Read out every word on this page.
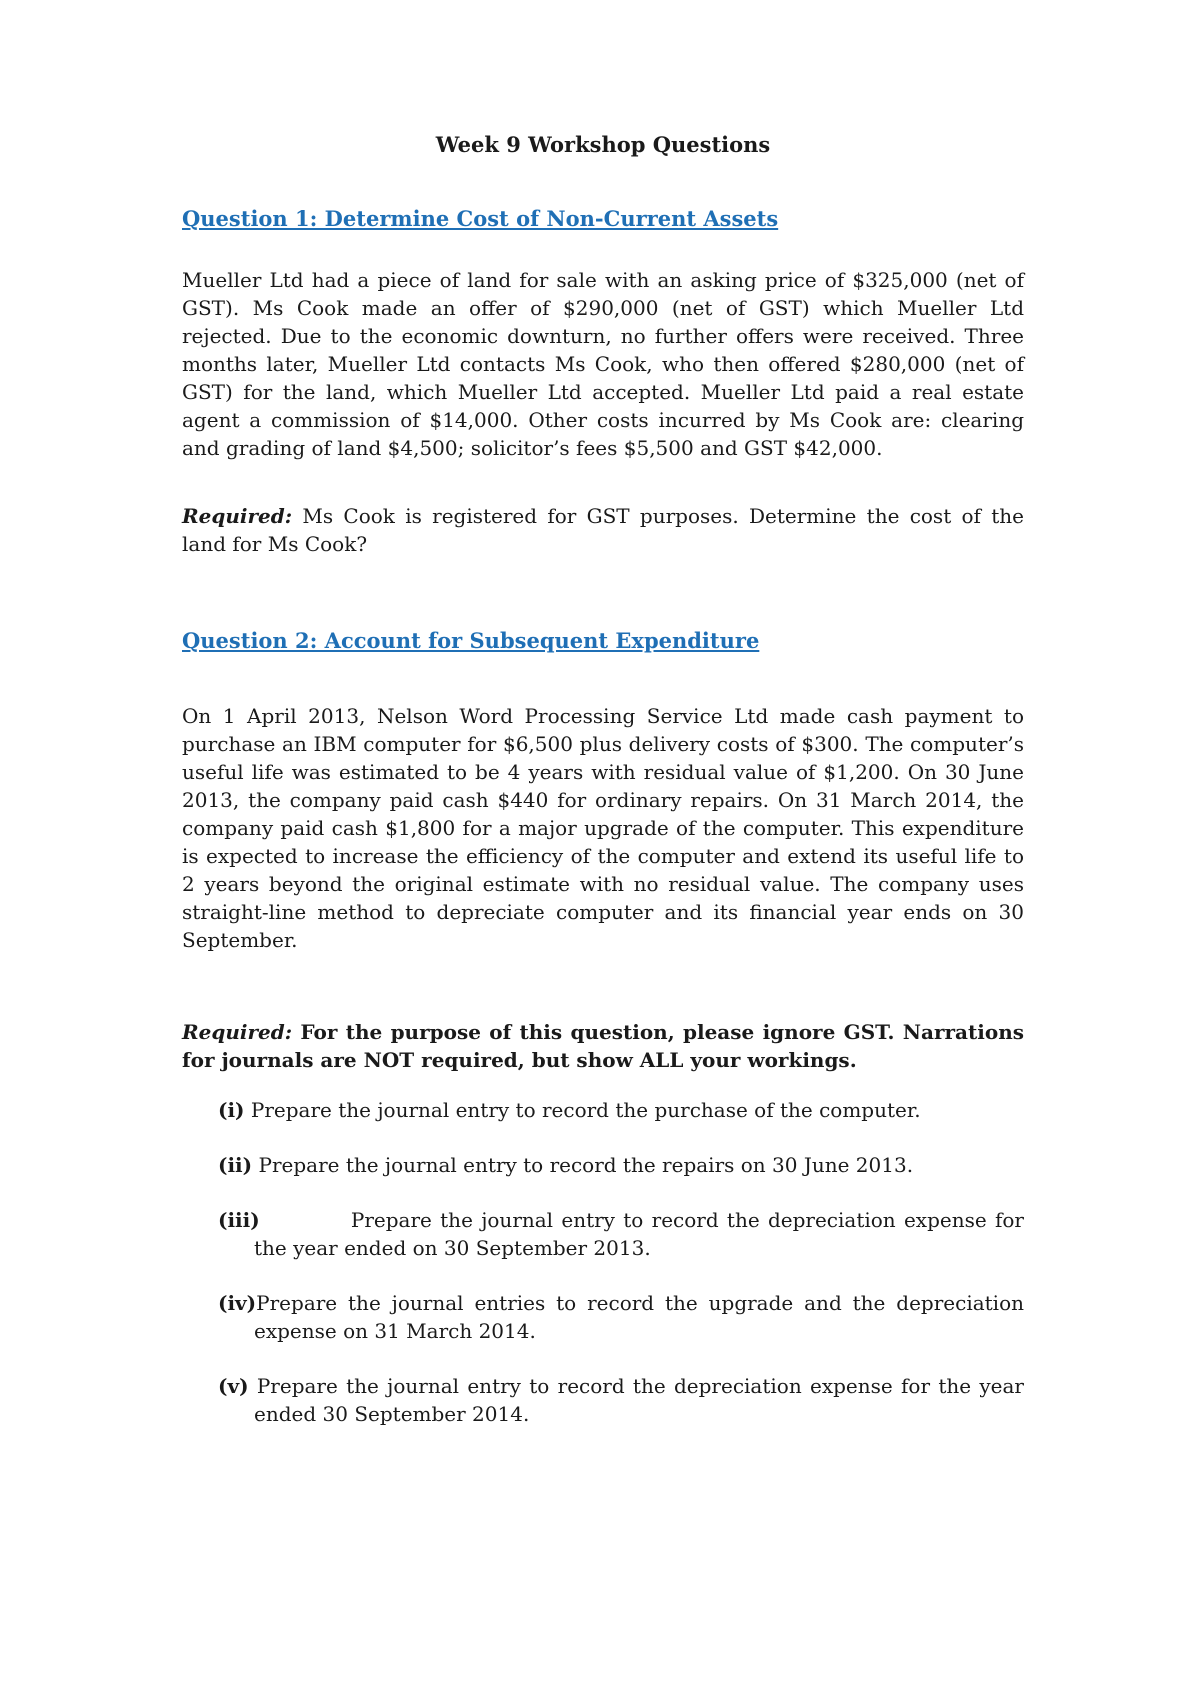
Week 9 Workshop Questions
Question 1: Determine Cost of Non-Current Assets

Mueller Ltd had a piece of land for sale with an asking price of $325,000 (net of GST). Ms Cook made an offer of $290,000 (net of GST) which Mueller Ltd rejected. Due to the economic downturn, no further offers were received. Three months later, Mueller Ltd contacts Ms Cook, who then offered $280,000 (net of GST) for the land, which Mueller Ltd accepted. Mueller Ltd paid a real estate agent a commission of $14,000. Other costs incurred by Ms Cook are: clearing and grading of land $4,500; solicitor’s fees $5,500 and GST $42,000.

Required: Ms Cook is registered for GST purposes. Determine the cost of the land for Ms Cook?

Question 2: Account for Subsequent Expenditure

On 1 April 2013, Nelson Word Processing Service Ltd made cash payment to purchase an IBM computer for $6,500 plus delivery costs of $300. The computer’s useful life was estimated to be 4 years with residual value of $1,200. On 30 June 2013, the company paid cash $440 for ordinary repairs. On 31 March 2014, the company paid cash $1,800 for a major upgrade of the computer. This expenditure is expected to increase the efficiency of the computer and extend its useful life to 2 years beyond the original estimate with no residual value. The company uses straight-line method to depreciate computer and its financial year ends on 30 September.

Required: For the purpose of this question, please ignore GST. Narrations for journals are NOT required, but show ALL your workings.

(i) Prepare the journal entry to record the purchase of the computer.
(ii) Prepare the journal entry to record the repairs on 30 June 2013.
(iii)           Prepare the journal entry to record the depreciation expense for the year ended on 30 September 2013.
(iv)Prepare the journal entries to record the upgrade and the depreciation expense on 31 March 2014.
(v) Prepare the journal entry to record the depreciation expense for the year ended 30 September 2014.
